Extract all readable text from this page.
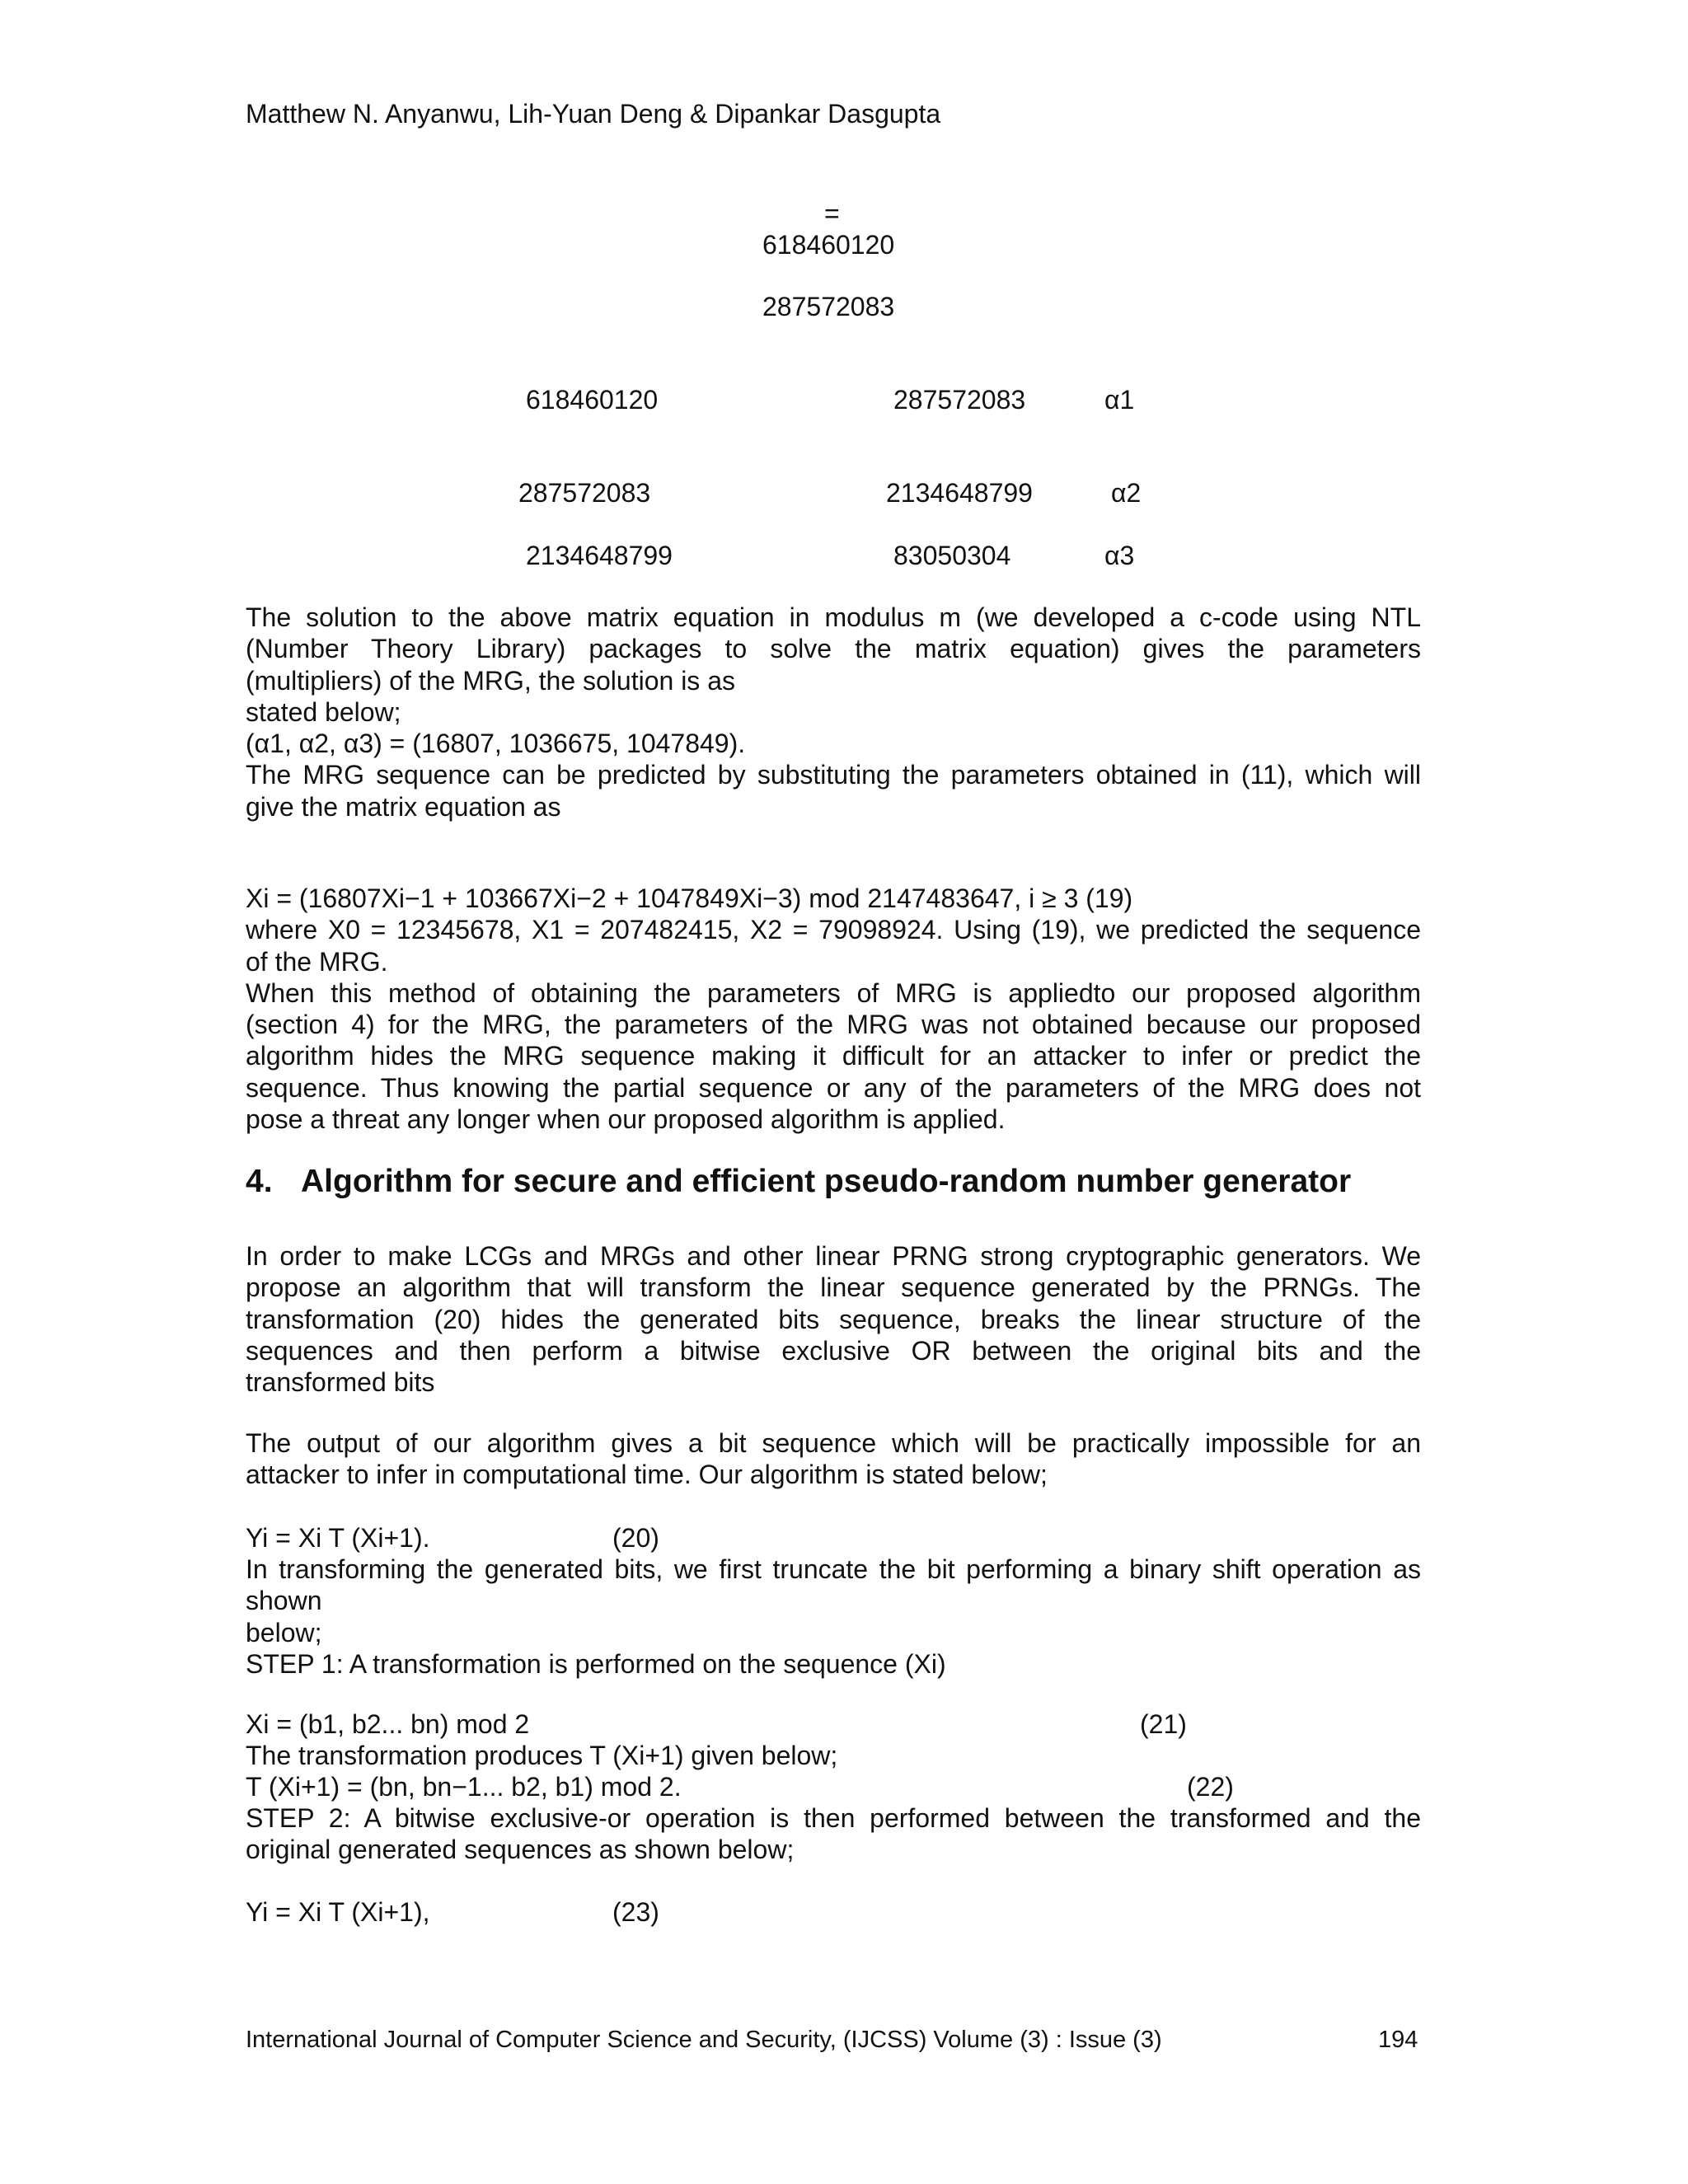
Matthew N. Anyanwu, Lih-Yuan Deng & Dipankar Dasgupta
=
618460120
287572083
618460120	287572083	α1
287572083	2134648799	α2
2134648799	83050304	α3
The solution to the above matrix equation in modulus m (we developed a c-code using NTL
(Number Theory Library) packages to solve the matrix equation) gives the parameters
(multipliers) of the MRG, the solution is as
stated below;
(α1, α2, α3) = (16807, 1036675, 1047849).
The MRG sequence can be predicted by substituting the parameters obtained in (11), which will
give the matrix equation as
Xi = (16807Xi−1 + 103667Xi−2 + 1047849Xi−3) mod 2147483647, i ≥ 3 (19)
where X0 = 12345678, X1 = 207482415, X2 = 79098924. Using (19), we predicted the sequence
of the MRG.
When this method of obtaining the parameters of MRG is appliedto our proposed algorithm
(section 4) for the MRG, the parameters of the MRG was not obtained because our proposed
algorithm hides the MRG sequence making it difficult for an attacker to infer or predict the
sequence. Thus knowing the partial sequence or any of the parameters of the MRG does not
pose a threat any longer when our proposed algorithm is applied.
4. Algorithm for secure and efficient pseudo-random number generator
In order to make LCGs and MRGs and other linear PRNG strong cryptographic generators. We
propose an algorithm that will transform the linear sequence generated by the PRNGs. The
transformation (20) hides the generated bits sequence, breaks the linear structure of the
sequences and then perform a bitwise exclusive OR between the original bits and the
transformed bits
The output of our algorithm gives a bit sequence which will be practically impossible for an
attacker to infer in computational time. Our algorithm is stated below;
Yi = Xi T (Xi+1).	(20)
In transforming the generated bits, we first truncate the bit performing a binary shift operation as
shown
below;
STEP 1: A transformation is performed on the sequence (Xi)
Xi = (b1, b2... bn) mod 2	(21)
The transformation produces T (Xi+1) given below;
T (Xi+1) = (bn, bn−1... b2, b1) mod 2.	(22)
STEP 2: A bitwise exclusive-or operation is then performed between the transformed and the
original generated sequences as shown below;
Yi = Xi T (Xi+1),	(23)
International Journal of Computer Science and Security, (IJCSS) Volume (3) : Issue (3)	194
